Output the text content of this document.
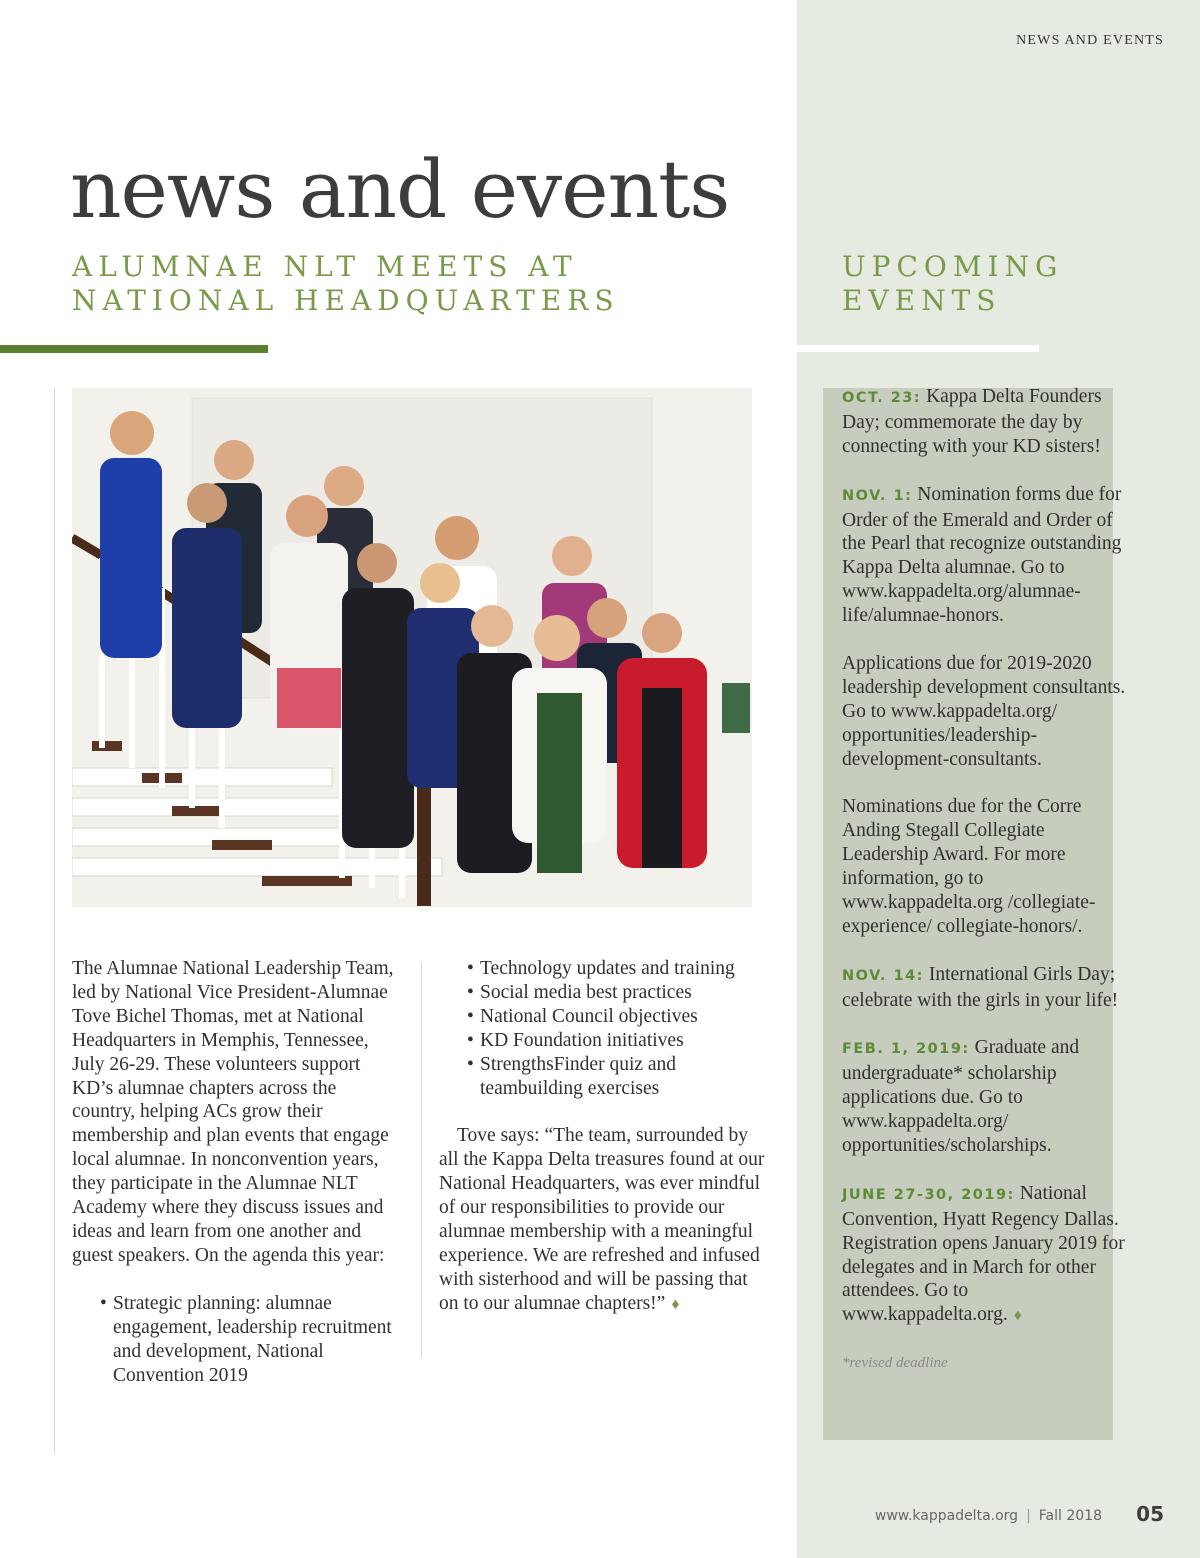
NEWS AND EVENTS
news and events
ALUMNAE NLT MEETS AT
NATIONAL HEADQUARTERS
UPCOMING
EVENTS

The Alumnae National Leadership Team, led by National Vice President-Alumnae Tove Bichel Thomas, met at National Headquarters in Memphis, Tennessee, July 26-29. These volunteers support KD’s alumnae chapters across the country, helping ACs grow their membership and plan events that engage local alumnae. In nonconvention years, they participate in the Alumnae NLT Academy where they discuss issues and ideas and learn from one another and guest speakers. On the agenda this year:

• Strategic planning: alumnae engagement, leadership recruitment and development, National Convention 2019
• Technology updates and training
• Social media best practices
• National Council objectives
• KD Foundation initiatives
• StrengthsFinder quiz and teambuilding exercises

Tove says: “The team, surrounded by all the Kappa Delta treasures found at our National Headquarters, was ever mindful of our responsibilities to provide our alumnae membership with a meaningful experience. We are refreshed and infused with sisterhood and will be passing that on to our alumnae chapters!” ♦

OCT. 23: Kappa Delta Founders Day; commemorate the day by connecting with your KD sisters!
NOV. 1: Nomination forms due for Order of the Emerald and Order of the Pearl that recognize outstanding Kappa Delta alumnae. Go to www.kappadelta.org/alumnae-life/alumnae-honors.
Applications due for 2019-2020 leadership development consultants. Go to www.kappadelta.org/ opportunities/leadership-development-consultants.
Nominations due for the Corre Anding Stegall Collegiate Leadership Award. For more information, go to www.kappadelta.org /collegiate-experience/ collegiate-honors/.
NOV. 14: International Girls Day; celebrate with the girls in your life!
FEB. 1, 2019: Graduate and undergraduate* scholarship applications due. Go to www.kappadelta.org/ opportunities/scholarships.
JUNE 27-30, 2019: National Convention, Hyatt Regency Dallas. Registration opens January 2019 for delegates and in March for other attendees. Go to www.kappadelta.org. ♦
*revised deadline
www.kappadelta.org | Fall 2018 05
